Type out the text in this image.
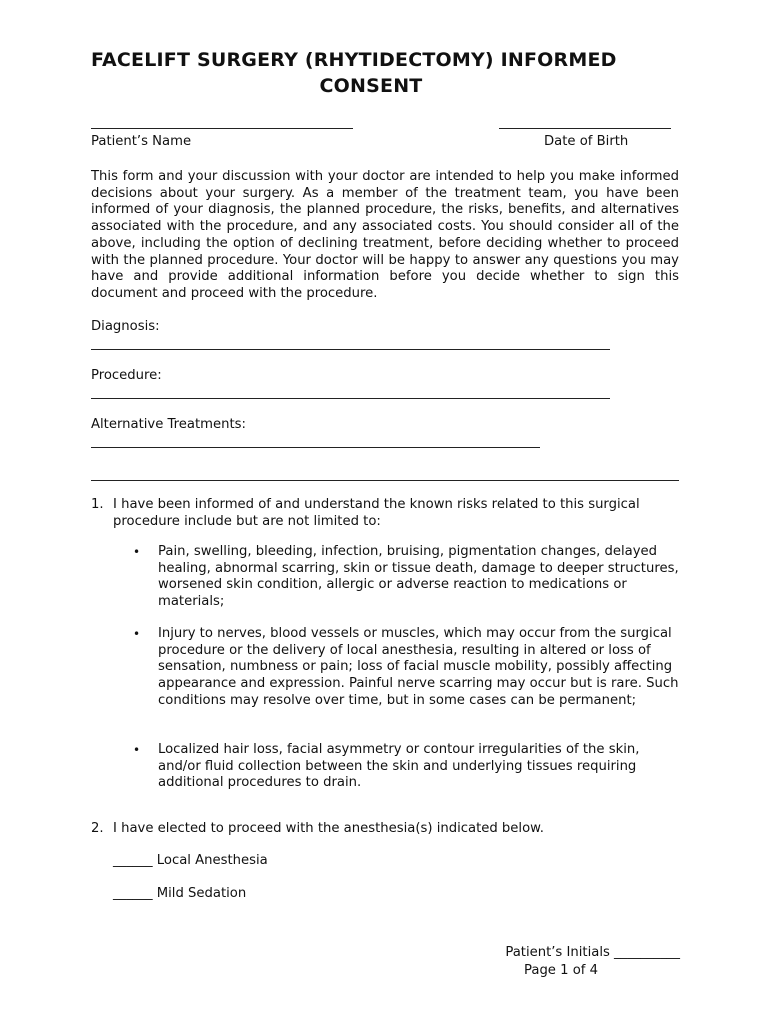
FACELIFT SURGERY (RHYTIDECTOMY) INFORMED
CONSENT
Patient’s Name	Date of Birth
This form and your discussion with your doctor are intended to help you make informed decisions about your surgery. As a member of the treatment team, you have been informed of your diagnosis, the planned procedure, the risks, benefits, and alternatives associated with the procedure, and any associated costs. You should consider all of the above, including the option of declining treatment, before deciding whether to proceed with the planned procedure. Your doctor will be happy to answer any questions you may have and provide additional information before you decide whether to sign this document and proceed with the procedure.
Diagnosis:
Procedure:
Alternative Treatments:
1. I have been informed of and understand the known risks related to this surgical procedure include but are not limited to:
• Pain, swelling, bleeding, infection, bruising, pigmentation changes, delayed healing, abnormal scarring, skin or tissue death, damage to deeper structures, worsened skin condition, allergic or adverse reaction to medications or materials;
• Injury to nerves, blood vessels or muscles, which may occur from the surgical procedure or the delivery of local anesthesia, resulting in altered or loss of sensation, numbness or pain; loss of facial muscle mobility, possibly affecting appearance and expression. Painful nerve scarring may occur but is rare. Such conditions may resolve over time, but in some cases can be permanent;
• Localized hair loss, facial asymmetry or contour irregularities of the skin, and/or fluid collection between the skin and underlying tissues requiring additional procedures to drain.
2. I have elected to proceed with the anesthesia(s) indicated below.
______ Local Anesthesia
______ Mild Sedation
Patient’s Initials __________
Page 1 of 4
